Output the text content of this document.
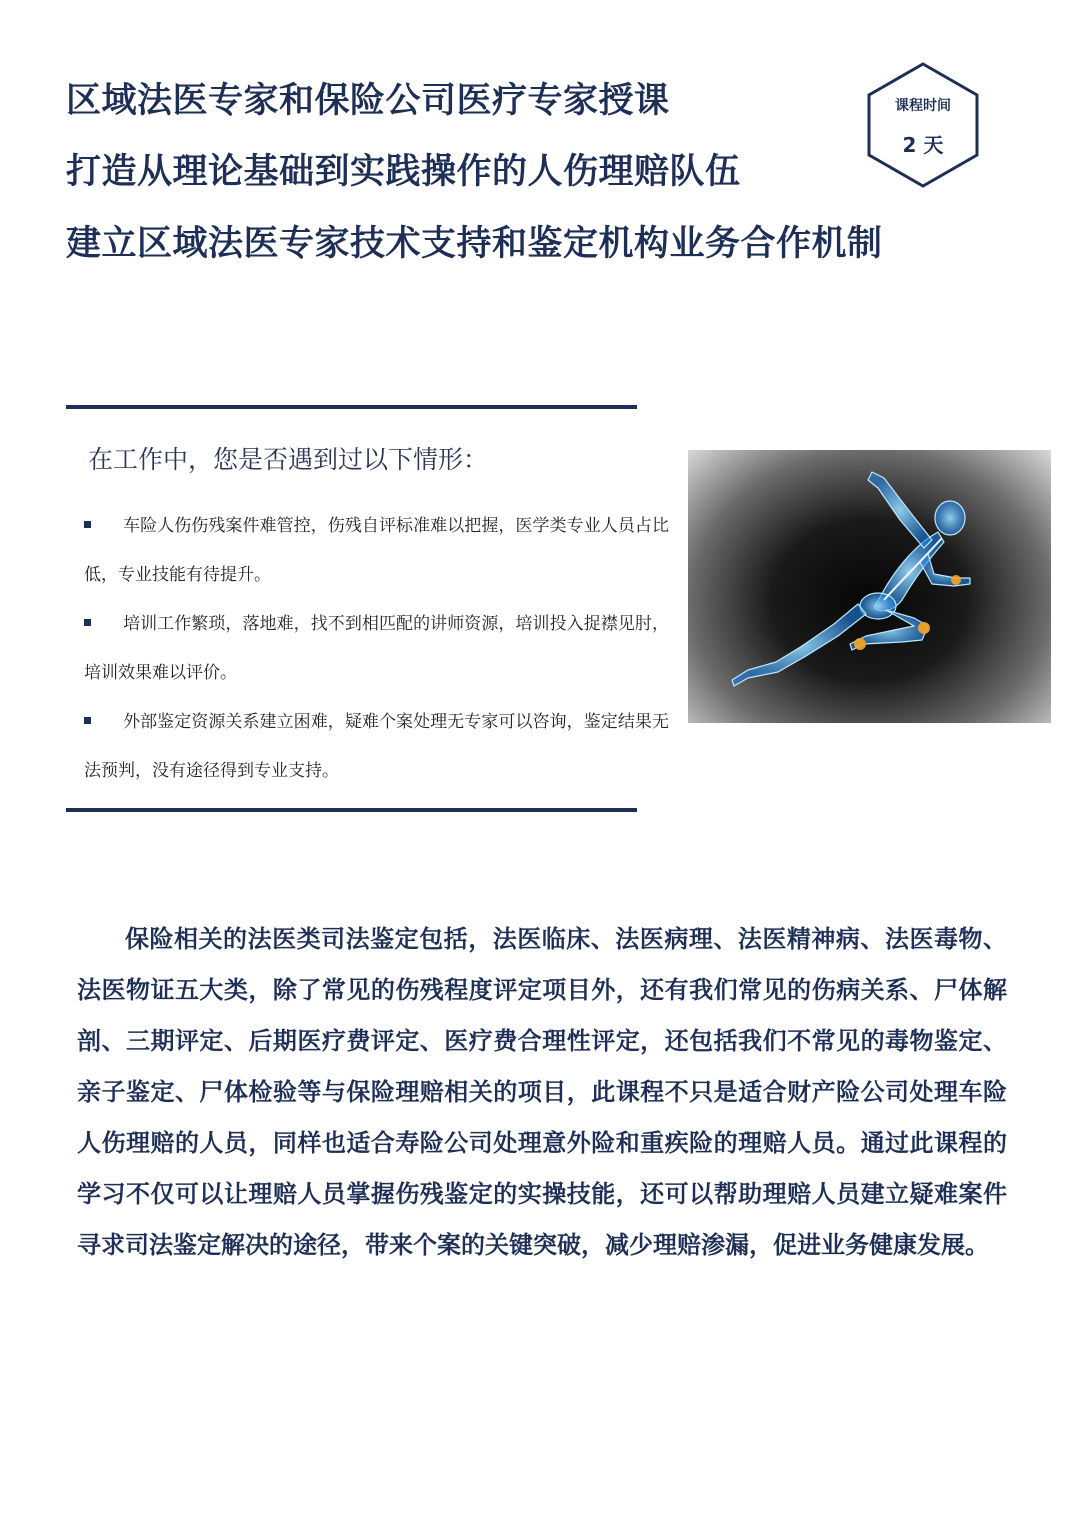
区域法医专家和保险公司医疗专家授课
打造从理论基础到实践操作的人伤理赔队伍
建立区域法医专家技术支持和鉴定机构业务合作机制
课程时间
2 天
在工作中，您是否遇到过以下情形：

车险人伤伤残案件难管控，伤残自评标准难以把握，医学类专业人员占比低，专业技能有待提升。

培训工作繁琐，落地难，找不到相匹配的讲师资源，培训投入捉襟见肘， 培训效果难以评价。

外部鉴定资源关系建立困难，疑难个案处理无专家可以咨询，鉴定结果无法预判，没有途径得到专业支持。

保险相关的法医类司法鉴定包括，法医临床、法医病理、法医精神病、法医毒物、法医物证五大类，除了常见的伤残程度评定项目外，还有我们常见的伤病关系、尸体解剖、三期评定、后期医疗费评定、医疗费合理性评定，还包括我们不常见的毒物鉴定、亲子鉴定、尸体检验等与保险理赔相关的项目，此课程不只是适合财产险公司处理车险人伤理赔的人员，同样也适合寿险公司处理意外险和重疾险的理赔人员。通过此课程的学习不仅可以让理赔人员掌握伤残鉴定的实操技能，还可以帮助理赔人员建立疑难案件寻求司法鉴定解决的途径，带来个案的关键突破，减少理赔渗漏，促进业务健康发展。
